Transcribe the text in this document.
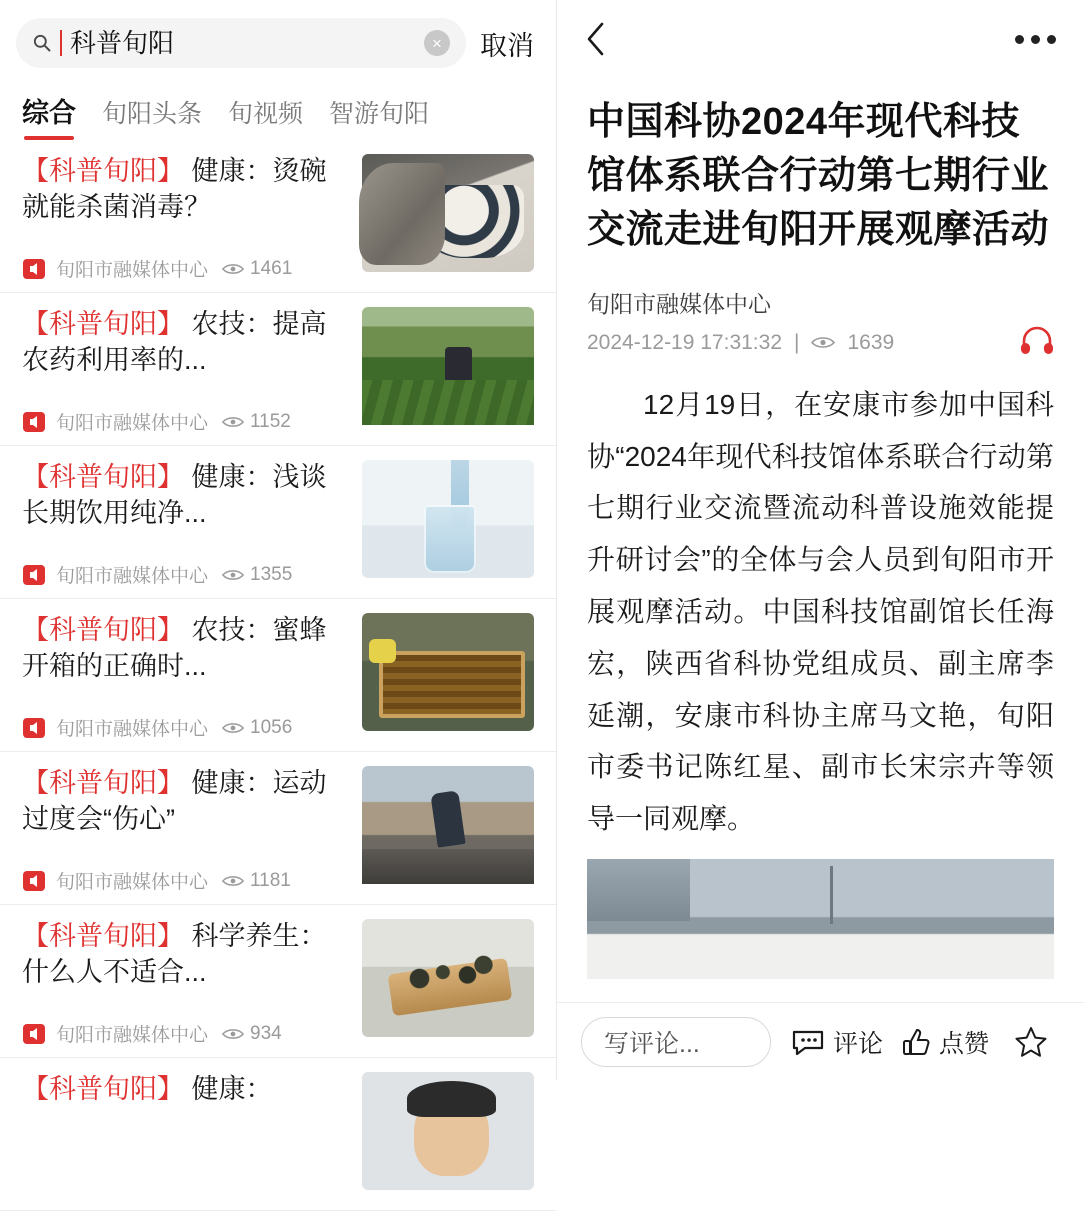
科普旬阳	× 取消
综合 旬阳头条 旬视频 智游旬阳
【科普旬阳】 健康：烫碗就能杀菌消毒？
旬阳市融媒体中心 1461
【科普旬阳】 农技：提高农药利用率的...
旬阳市融媒体中心 1152
【科普旬阳】 健康：浅谈长期饮用纯净...
旬阳市融媒体中心 1355
【科普旬阳】 农技：蜜蜂开箱的正确时...
旬阳市融媒体中心 1056
【科普旬阳】 健康：运动过度会“伤心”
旬阳市融媒体中心 1181
【科普旬阳】 科学养生：什么人不适合...
旬阳市融媒体中心 934
【科普旬阳】 健康：
中国科协2024年现代科技馆体系联合行动第七期行业交流走进旬阳开展观摩活动
旬阳市融媒体中心
2024-12-19 17:31:32 | 1639
12月19日，在安康市参加中国科协“2024年现代科技馆体系联合行动第七期行业交流暨流动科普设施效能提升研讨会”的全体与会人员到旬阳市开展观摩活动。中国科技馆副馆长任海宏，陕西省科协党组成员、副主席李延潮，安康市科协主席马文艳，旬阳市委书记陈红星、副市长宋宗卉等领导一同观摩。
写评论...	评论 点赞
